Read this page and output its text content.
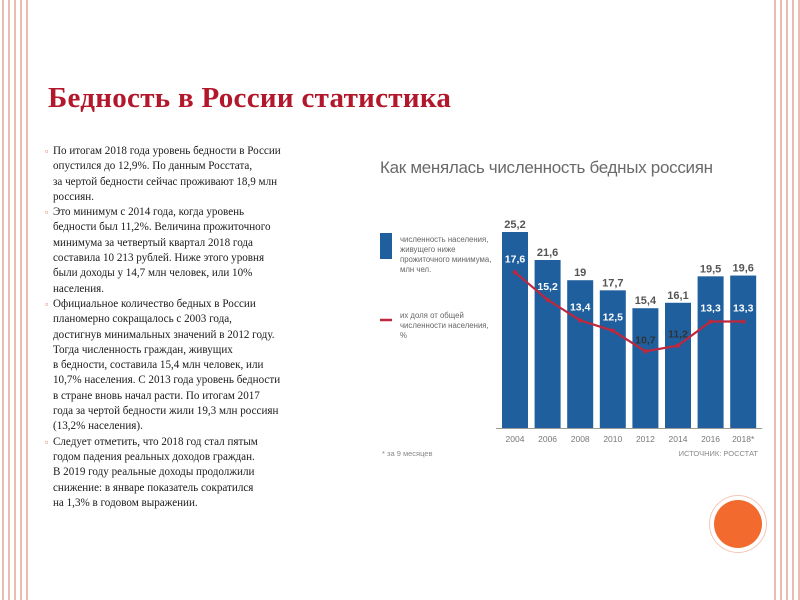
Бедность в России статистика
▫ По итогам 2018 года уровень бедности в России
опустился до 12,9%. По данным Росстата,
за чертой бедности сейчас проживают 18,9 млн
россиян.
▫ Это минимум с 2014 года, когда уровень
бедности был 11,2%. Величина прожиточного
минимума за четвертый квартал 2018 года
составила 10 213 рублей. Ниже этого уровня
были доходы у 14,7 млн человек, или 10%
населения.
▫ Официальное количество бедных в России
планомерно сокращалось с 2003 года,
достигнув минимальных значений в 2012 году.
Тогда численность граждан, живущих
в бедности, составила 15,4 млн человек, или
10,7% населения. С 2013 года уровень бедности
в стране вновь начал расти. По итогам 2017
года за чертой бедности жили 19,3 млн россиян
(13,2% населения).
▫ Следует отметить, что 2018 год стал пятым
годом падения реальных доходов граждан.
В 2019 году реальные доходы продолжили
снижение: в январе показатель сократился
на 1,3% в годовом выражении.
Как менялась численность бедных россиян
25,2
2004
21,6
2006
19
2008
17,7
2010
15,4
2012
16,1
2014
19,5
2016
19,6
2018*
17,6
15,2
13,4
12,5
10,7 11,2
13,3 13,3
численность населения, живущего ниже прожиточного минимума, млн чел.
их доля от общей численности населения, %
* за 9 месяцев	ИСТОЧНИК: РОССТАТ
